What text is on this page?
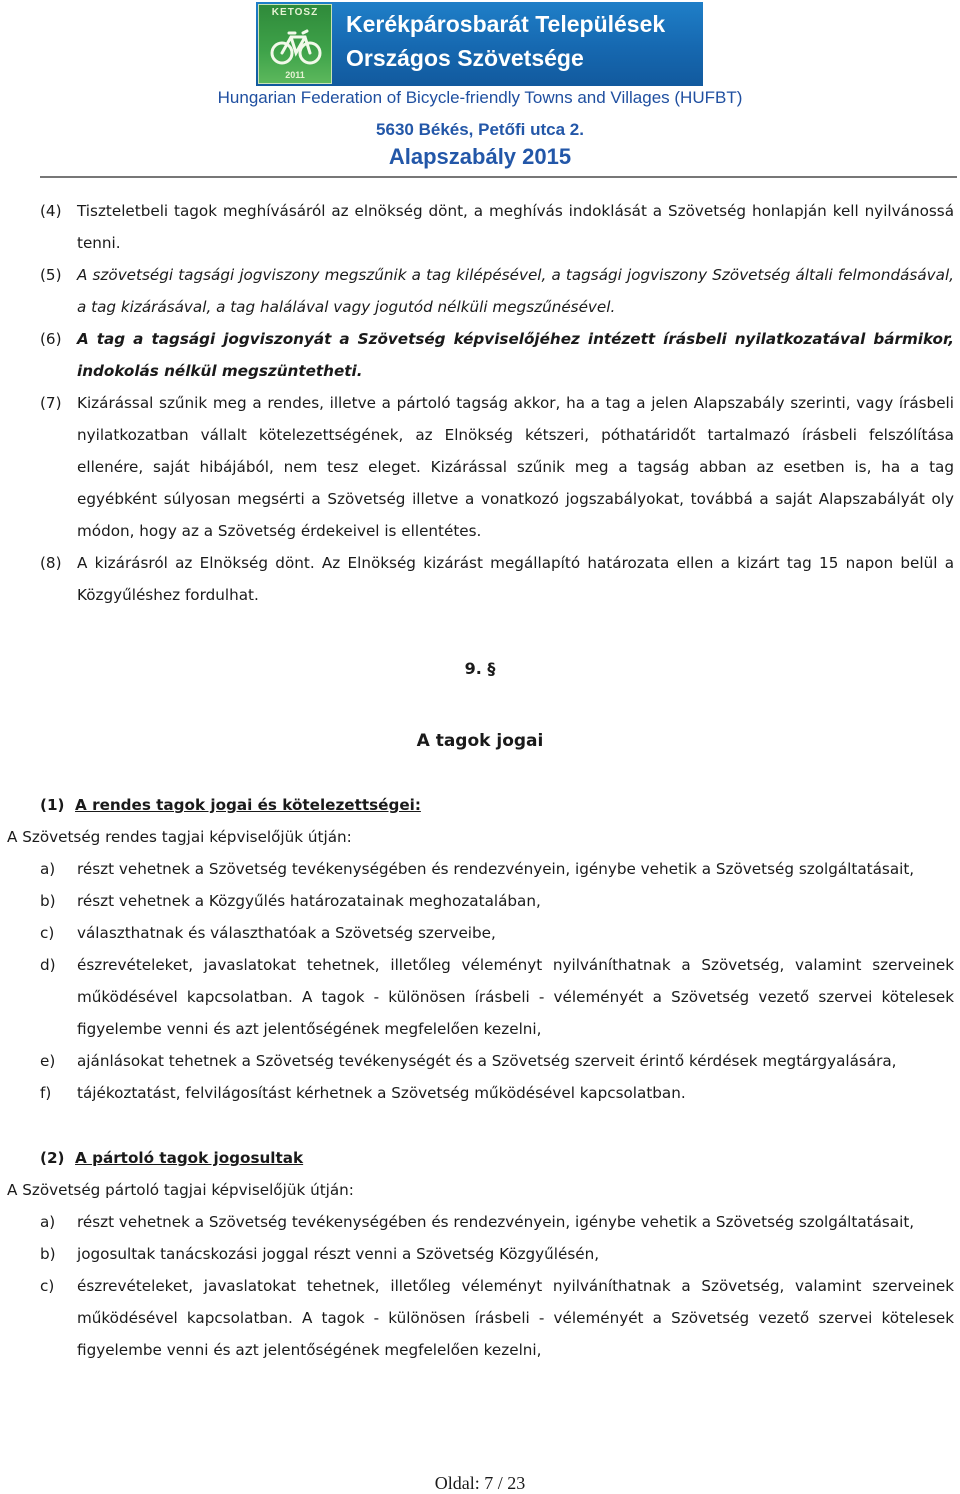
KETOSZ
2011
Kerékpárosbarát Települések
Országos Szövetsége
Hungarian Federation of Bicycle-friendly Towns and Villages (HUFBT)
5630 Békés, Petőfi utca 2.
Alapszabály 2015
(4) Tiszteletbeli tagok meghívásáról az elnökség dönt, a meghívás indoklását a Szövetség honlapján kell nyilvánossá tenni.
(5) A szövetségi tagsági jogviszony megszűnik a tag kilépésével, a tagsági jogviszony Szövetség általi felmondásával, a tag kizárásával, a tag halálával vagy jogutód nélküli megszűnésével.
(6) A tag a tagsági jogviszonyát a Szövetség képviselőjéhez intézett írásbeli nyilatkozatával bármikor, indokolás nélkül megszüntetheti.
(7) Kizárással szűnik meg a rendes, illetve a pártoló tagság akkor, ha a tag a jelen Alapszabály szerinti, vagy írásbeli nyilatkozatban vállalt kötelezettségének, az Elnökség kétszeri, póthatáridőt tartalmazó írásbeli felszólítása ellenére, saját hibájából, nem tesz eleget. Kizárással szűnik meg a tagság abban az esetben is, ha a tag egyébként súlyosan megsérti a Szövetség illetve a vonatkozó jogszabályokat, továbbá a saját Alapszabályát oly módon, hogy az a Szövetség érdekeivel is ellentétes.
(8) A kizárásról az Elnökség dönt. Az Elnökség kizárást megállapító határozata ellen a kizárt tag 15 napon belül a Közgyűléshez fordulhat.
9. §
A tagok jogai
(1) A rendes tagok jogai és kötelezettségei:
A Szövetség rendes tagjai képviselőjük útján:
a) részt vehetnek a Szövetség tevékenységében és rendezvényein, igénybe vehetik a Szövetség szolgáltatásait,
b) részt vehetnek a Közgyűlés határozatainak meghozatalában,
c) választhatnak és választhatóak a Szövetség szerveibe,
d) észrevételeket, javaslatokat tehetnek, illetőleg véleményt nyilváníthatnak a Szövetség, valamint szerveinek működésével kapcsolatban. A tagok - különösen írásbeli - véleményét a Szövetség vezető szervei kötelesek figyelembe venni és azt jelentőségének megfelelően kezelni,
e) ajánlásokat tehetnek a Szövetség tevékenységét és a Szövetség szerveit érintő kérdések megtárgyalására,
f) tájékoztatást, felvilágosítást kérhetnek a Szövetség működésével kapcsolatban.
(2) A pártoló tagok jogosultak
A Szövetség pártoló tagjai képviselőjük útján:
a) részt vehetnek a Szövetség tevékenységében és rendezvényein, igénybe vehetik a Szövetség szolgáltatásait,
b) jogosultak tanácskozási joggal részt venni a Szövetség Közgyűlésén,
c) észrevételeket, javaslatokat tehetnek, illetőleg véleményt nyilváníthatnak a Szövetség, valamint szerveinek működésével kapcsolatban. A tagok - különösen írásbeli - véleményét a Szövetség vezető szervei kötelesek figyelembe venni és azt jelentőségének megfelelően kezelni,
Oldal: 7 / 23
